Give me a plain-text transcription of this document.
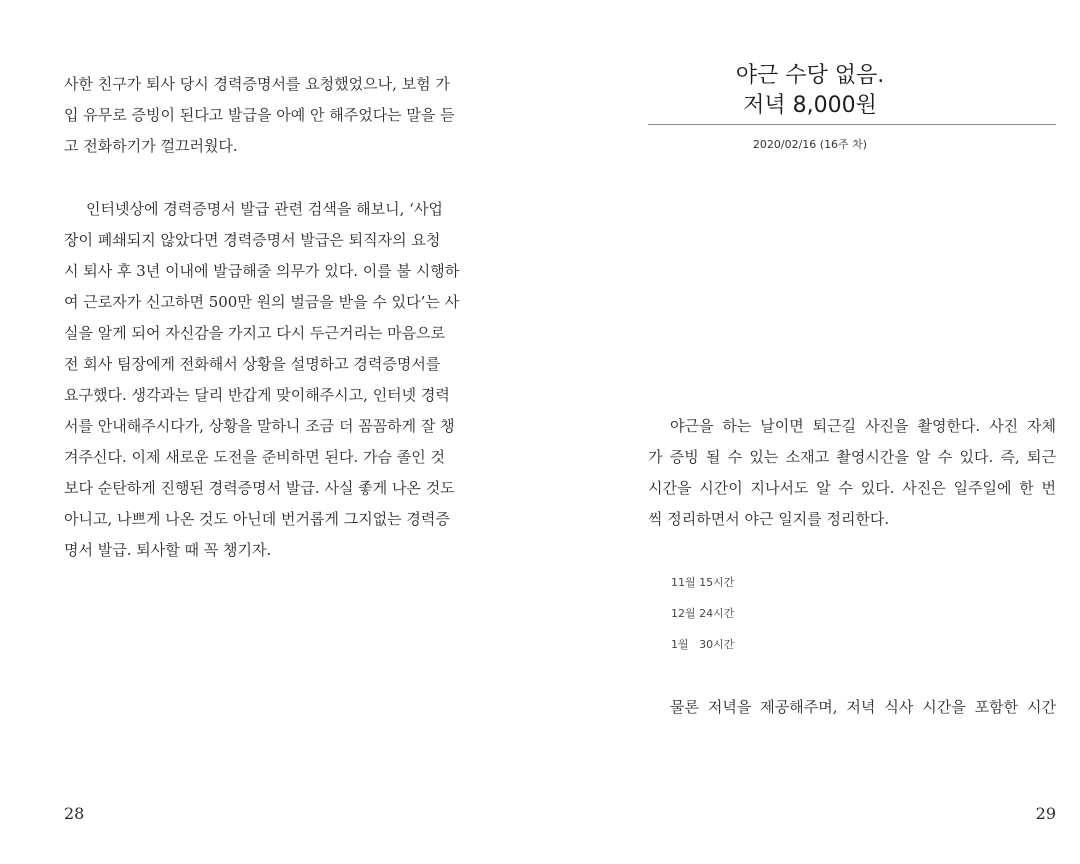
사한 친구가 퇴사 당시 경력증명서를 요청했었으나, 보험 가
입 유무로 증빙이 된다고 발급을 아예 안 해주었다는 말을 듣
고 전화하기가 껄끄러웠다.
인터넷상에 경력증명서 발급 관련 검색을 해보니, ‘사업
장이 폐쇄되지 않았다면 경력증명서 발급은 퇴직자의 요청
시 퇴사 후 3년 이내에 발급해줄 의무가 있다. 이를 불 시행하
여 근로자가 신고하면 500만 원의 벌금을 받을 수 있다’는 사
실을 알게 되어 자신감을 가지고 다시 두근거리는 마음으로
전 회사 팀장에게 전화해서 상황을 설명하고 경력증명서를
요구했다. 생각과는 달리 반갑게 맞이해주시고, 인터넷 경력
서를 안내해주시다가, 상황을 말하니 조금 더 꼼꼼하게 잘 챙
겨주신다. 이제 새로운 도전을 준비하면 된다. 가슴 졸인 것
보다 순탄하게 진행된 경력증명서 발급. 사실 좋게 나온 것도
아니고, 나쁘게 나온 것도 아닌데 번거롭게 그지없는 경력증
명서 발급. 퇴사할 때 꼭 챙기자.
28
야근 수당 없음.
저녁 8,000원
2020/02/16 (16주 차)
야근을 하는 날이면 퇴근길 사진을 촬영한다. 사진 자체
가 증빙 될 수 있는 소재고 촬영시간을 알 수 있다. 즉, 퇴근
시간을 시간이 지나서도 알 수 있다. 사진은 일주일에 한 번
씩 정리하면서 야근 일지를 정리한다.
11월 15시간
12월 24시간
1월   30시간
물론 저녁을 제공해주며, 저녁 식사 시간을 포함한 시간
29
